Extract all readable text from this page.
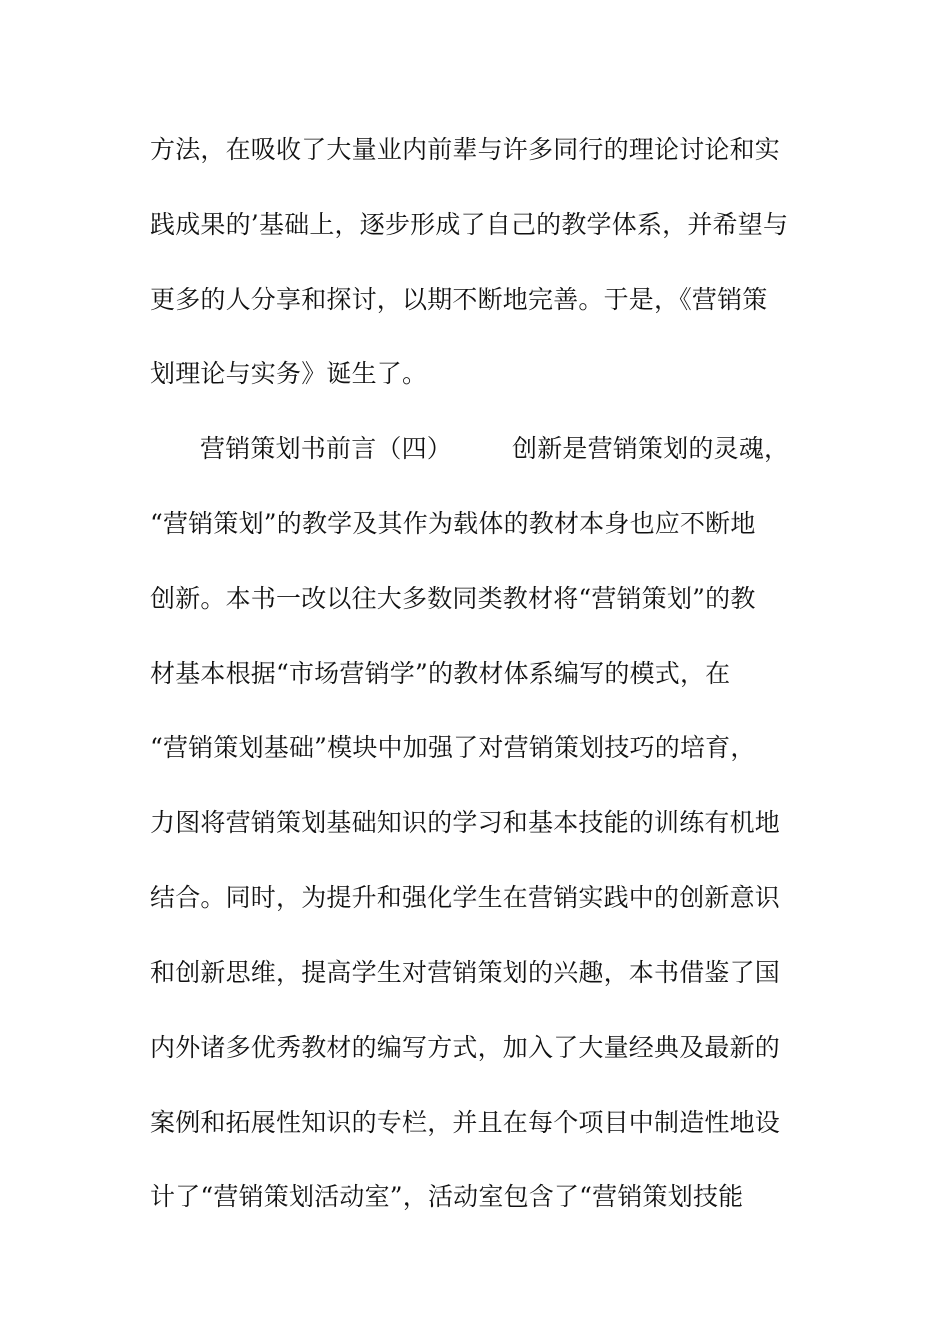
方法，在吸收了大量业内前辈与许多同行的理论讨论和实
践成果的’基础上，逐步形成了自己的教学体系，并希望与
更多的人分享和探讨，以期不断地完善。于是，《营销策
划理论与实务》诞生了。
营销策划书前言（四） 创新是营销策划的灵魂，
“营销策划”的教学及其作为载体的教材本身也应不断地
创新。本书一改以往大多数同类教材将“营销策划”的教
材基本根据“市场营销学”的教材体系编写的模式，在
“营销策划基础”模块中加强了对营销策划技巧的培育，
力图将营销策划基础知识的学习和基本技能的训练有机地
结合。同时，为提升和强化学生在营销实践中的创新意识
和创新思维，提高学生对营销策划的兴趣，本书借鉴了国
内外诸多优秀教材的编写方式，加入了大量经典及最新的
案例和拓展性知识的专栏，并且在每个项目中制造性地设
计了“营销策划活动室”，活动室包含了“营销策划技能
